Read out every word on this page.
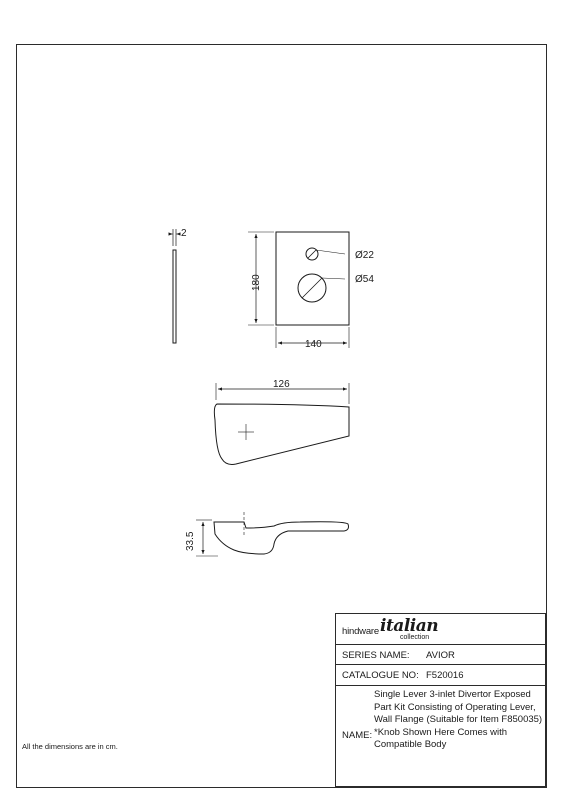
2
Ø22
Ø54
180
140
126
33.5
hindware italian
collection
SERIES NAME: AVIOR
CATALOGUE NO: F520016
NAME:
Single Lever 3-inlet Divertor Exposed Part Kit Consisting of Operating Lever, Wall Flange (Suitable for Item F850035) *Knob Shown Here Comes with Compatible Body
All the dimensions are in cm.
